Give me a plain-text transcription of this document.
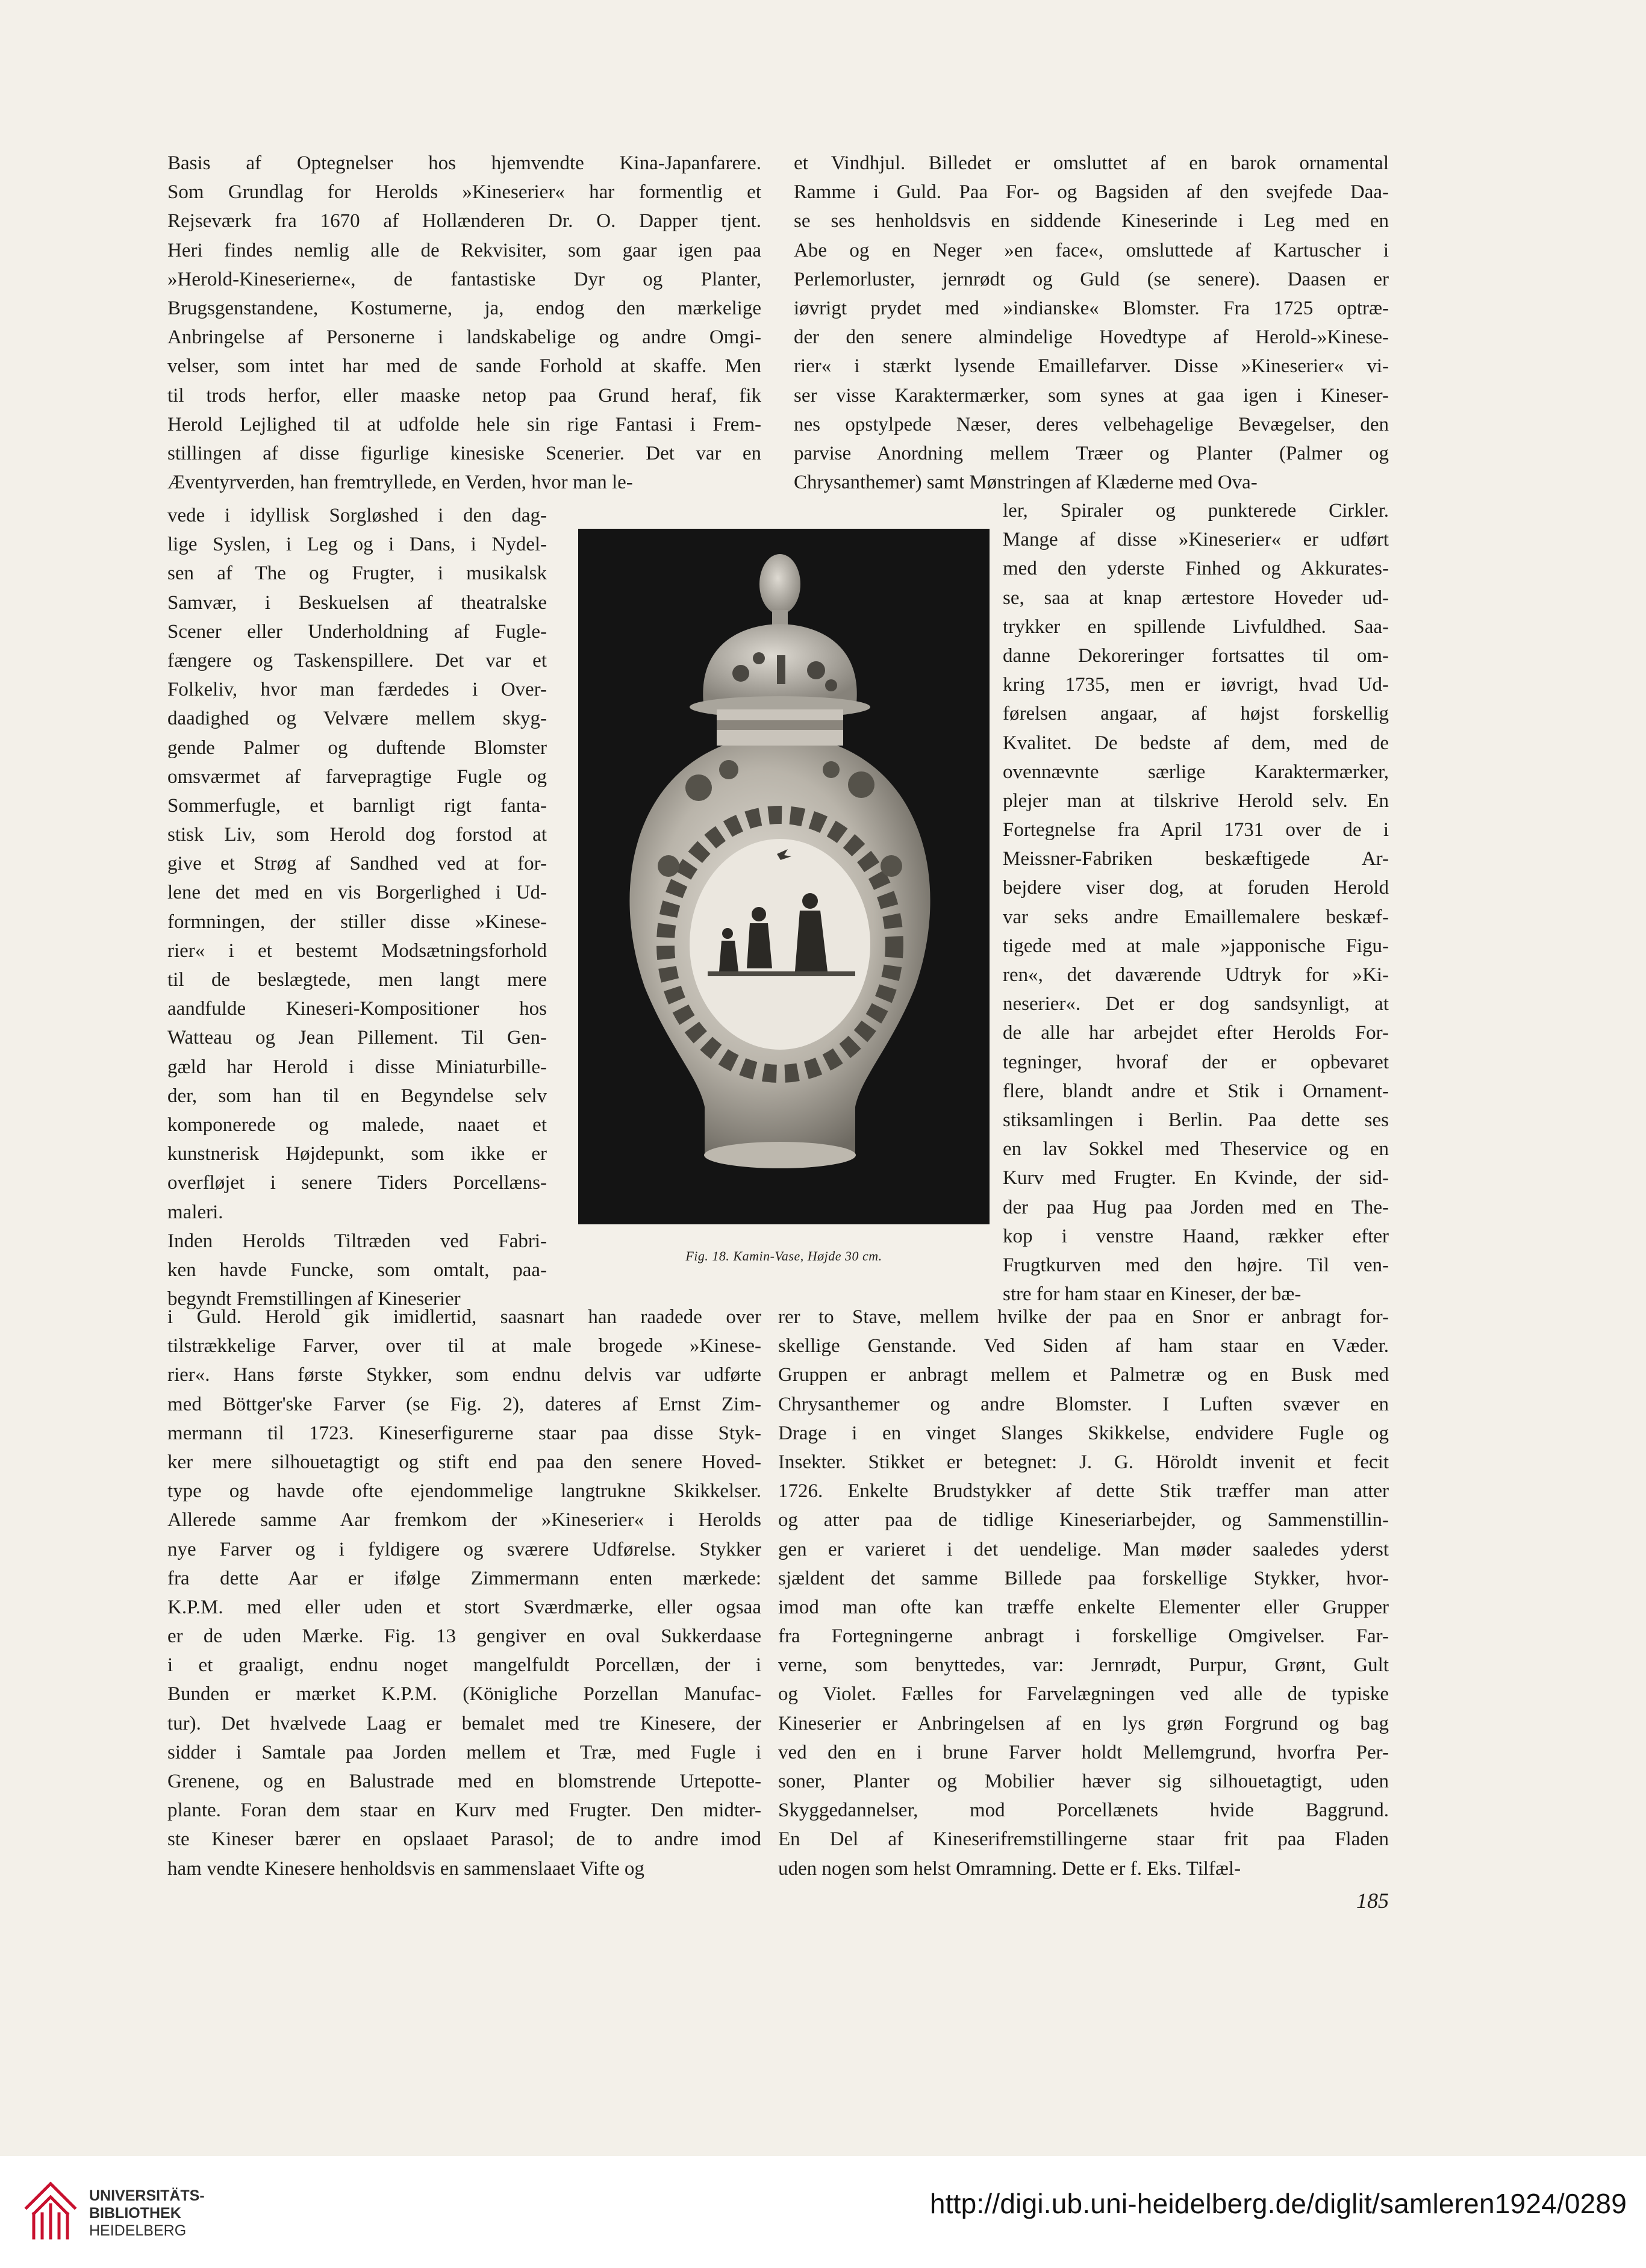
Basis af Optegnelser hos hjemvendte Kina-Japanfarere.
Som Grundlag for Herolds »Kineserier« har formentlig et
Rejseværk fra 1670 af Hollænderen Dr. O. Dapper tjent.
Heri findes nemlig alle de Rekvisiter, som gaar igen paa
»Herold-Kineserierne«, de fantastiske Dyr og Planter,
Brugsgenstandene, Kostumerne, ja, endog den mærkelige
Anbringelse af Personerne i landskabelige og andre Omgi-
velser, som intet har med de sande Forhold at skaffe. Men
til trods herfor, eller maaske netop paa Grund heraf, fik
Herold Lejlighed til at udfolde hele sin rige Fantasi i Frem-
stillingen af disse figurlige kinesiske Scenerier. Det var en
Æventyrverden, han fremtryllede, en Verden, hvor man le-
vede i idyllisk Sorgløshed i den dag-
lige Syslen, i Leg og i Dans, i Nydel-
sen af The og Frugter, i musikalsk
Samvær, i Beskuelsen af theatralske
Scener eller Underholdning af Fugle-
fængere og Taskenspillere. Det var et
Folkeliv, hvor man færdedes i Over-
daadighed og Velvære mellem skyg-
gende Palmer og duftende Blomster
omsværmet af farvepragtige Fugle og
Sommerfugle, et barnligt rigt fanta-
stisk Liv, som Herold dog forstod at
give et Strøg af Sandhed ved at for-
lene det med en vis Borgerlighed i Ud-
formningen, der stiller disse »Kinese-
rier« i et bestemt Modsætningsforhold
til de beslægtede, men langt mere
aandfulde Kineseri-Kompositioner hos
Watteau og Jean Pillement. Til Gen-
gæld har Herold i disse Miniaturbille-
der, som han til en Begyndelse selv
komponerede og malede, naaet et
kunstnerisk Højdepunkt, som ikke er
overfløjet i senere Tiders Porcellæns-
maleri.
Inden Herolds Tiltræden ved Fabri-
ken havde Funcke, som omtalt, paa-
begyndt Fremstillingen af Kineserier
i Guld. Herold gik imidlertid, saasnart han raadede over
tilstrækkelige Farver, over til at male brogede »Kinese-
rier«. Hans første Stykker, som endnu delvis var udførte
med Böttger'ske Farver (se Fig. 2), dateres af Ernst Zim-
mermann til 1723. Kineserfigurerne staar paa disse Styk-
ker mere silhouetagtigt og stift end paa den senere Hoved-
type og havde ofte ejendommelige langtrukne Skikkelser.
Allerede samme Aar fremkom der »Kineserier« i Herolds
nye Farver og i fyldigere og sværere Udførelse. Stykker
fra dette Aar er ifølge Zimmermann enten mærkede:
K.P.M. med eller uden et stort Sværdmærke, eller ogsaa
er de uden Mærke. Fig. 13 gengiver en oval Sukkerdaase
i et graaligt, endnu noget mangelfuldt Porcellæn, der i
Bunden er mærket K.P.M. (Königliche Porzellan Manufac-
tur). Det hvælvede Laag er bemalet med tre Kinesere, der
sidder i Samtale paa Jorden mellem et Træ, med Fugle i
Grenene, og en Balustrade med en blomstrende Urtepotte-
plante. Foran dem staar en Kurv med Frugter. Den midter-
ste Kineser bærer en opslaaet Parasol; de to andre imod
ham vendte Kinesere henholdsvis en sammenslaaet Vifte og
et Vindhjul. Billedet er omsluttet af en barok ornamental
Ramme i Guld. Paa For- og Bagsiden af den svejfede Daa-
se ses henholdsvis en siddende Kineserinde i Leg med en
Abe og en Neger »en face«, omsluttede af Kartuscher i
Perlemorluster, jernrødt og Guld (se senere). Daasen er
iøvrigt prydet med »indianske« Blomster. Fra 1725 optræ-
der den senere almindelige Hovedtype af Herold-»Kinese-
rier« i stærkt lysende Emaillefarver. Disse »Kineserier« vi-
ser visse Karaktermærker, som synes at gaa igen i Kineser-
nes opstylpede Næser, deres velbehagelige Bevægelser, den
parvise Anordning mellem Træer og Planter (Palmer og
Chrysanthemer) samt Mønstringen af Klæderne med Ova-
ler, Spiraler og punkterede Cirkler.
Mange af disse »Kineserier« er udført
med den yderste Finhed og Akkurates-
se, saa at knap ærtestore Hoveder ud-
trykker en spillende Livfuldhed. Saa-
danne Dekoreringer fortsattes til om-
kring 1735, men er iøvrigt, hvad Ud-
førelsen angaar, af højst forskellig
Kvalitet. De bedste af dem, med de
ovennævnte særlige Karaktermærker,
plejer man at tilskrive Herold selv. En
Fortegnelse fra April 1731 over de i
Meissner-Fabriken beskæftigede Ar-
bejdere viser dog, at foruden Herold
var seks andre Emaillemalere beskæf-
tigede med at male »japponische Figu-
ren«, det daværende Udtryk for »Ki-
neserier«. Det er dog sandsynligt, at
de alle har arbejdet efter Herolds For-
tegninger, hvoraf der er opbevaret
flere, blandt andre et Stik i Ornament-
stiksamlingen i Berlin. Paa dette ses
en lav Sokkel med Theservice og en
Kurv med Frugter. En Kvinde, der sid-
der paa Hug paa Jorden med en The-
kop i venstre Haand, rækker efter
Frugtkurven med den højre. Til ven-
stre for ham staar en Kineser, der bæ-
rer to Stave, mellem hvilke der paa en Snor er anbragt for-
skellige Genstande. Ved Siden af ham staar en Væder.
Gruppen er anbragt mellem et Palmetræ og en Busk med
Chrysanthemer og andre Blomster. I Luften svæver en
Drage i en vinget Slanges Skikkelse, endvidere Fugle og
Insekter. Stikket er betegnet: J. G. Höroldt invenit et fecit
1726. Enkelte Brudstykker af dette Stik træffer man atter
og atter paa de tidlige Kineseriarbejder, og Sammenstillin-
gen er varieret i det uendelige. Man møder saaledes yderst
sjældent det samme Billede paa forskellige Stykker, hvor-
imod man ofte kan træffe enkelte Elementer eller Grupper
fra Fortegningerne anbragt i forskellige Omgivelser. Far-
verne, som benyttedes, var: Jernrødt, Purpur, Grønt, Gult
og Violet. Fælles for Farvelægningen ved alle de typiske
Kineserier er Anbringelsen af en lys grøn Forgrund og bag
ved den en i brune Farver holdt Mellemgrund, hvorfra Per-
soner, Planter og Mobilier hæver sig silhouetagtigt, uden
Skyggedannelser, mod Porcellænets hvide Baggrund.
En Del af Kineserifremstillingerne staar frit paa Fladen
uden nogen som helst Omramning. Dette er f. Eks. Tilfæl-
Fig. 18. Kamin-Vase, Højde 30 cm.
185
UNIVERSITÄTS-
BIBLIOTHEK
HEIDELBERG
http://digi.ub.uni-heidelberg.de/diglit/samleren1924/0289
